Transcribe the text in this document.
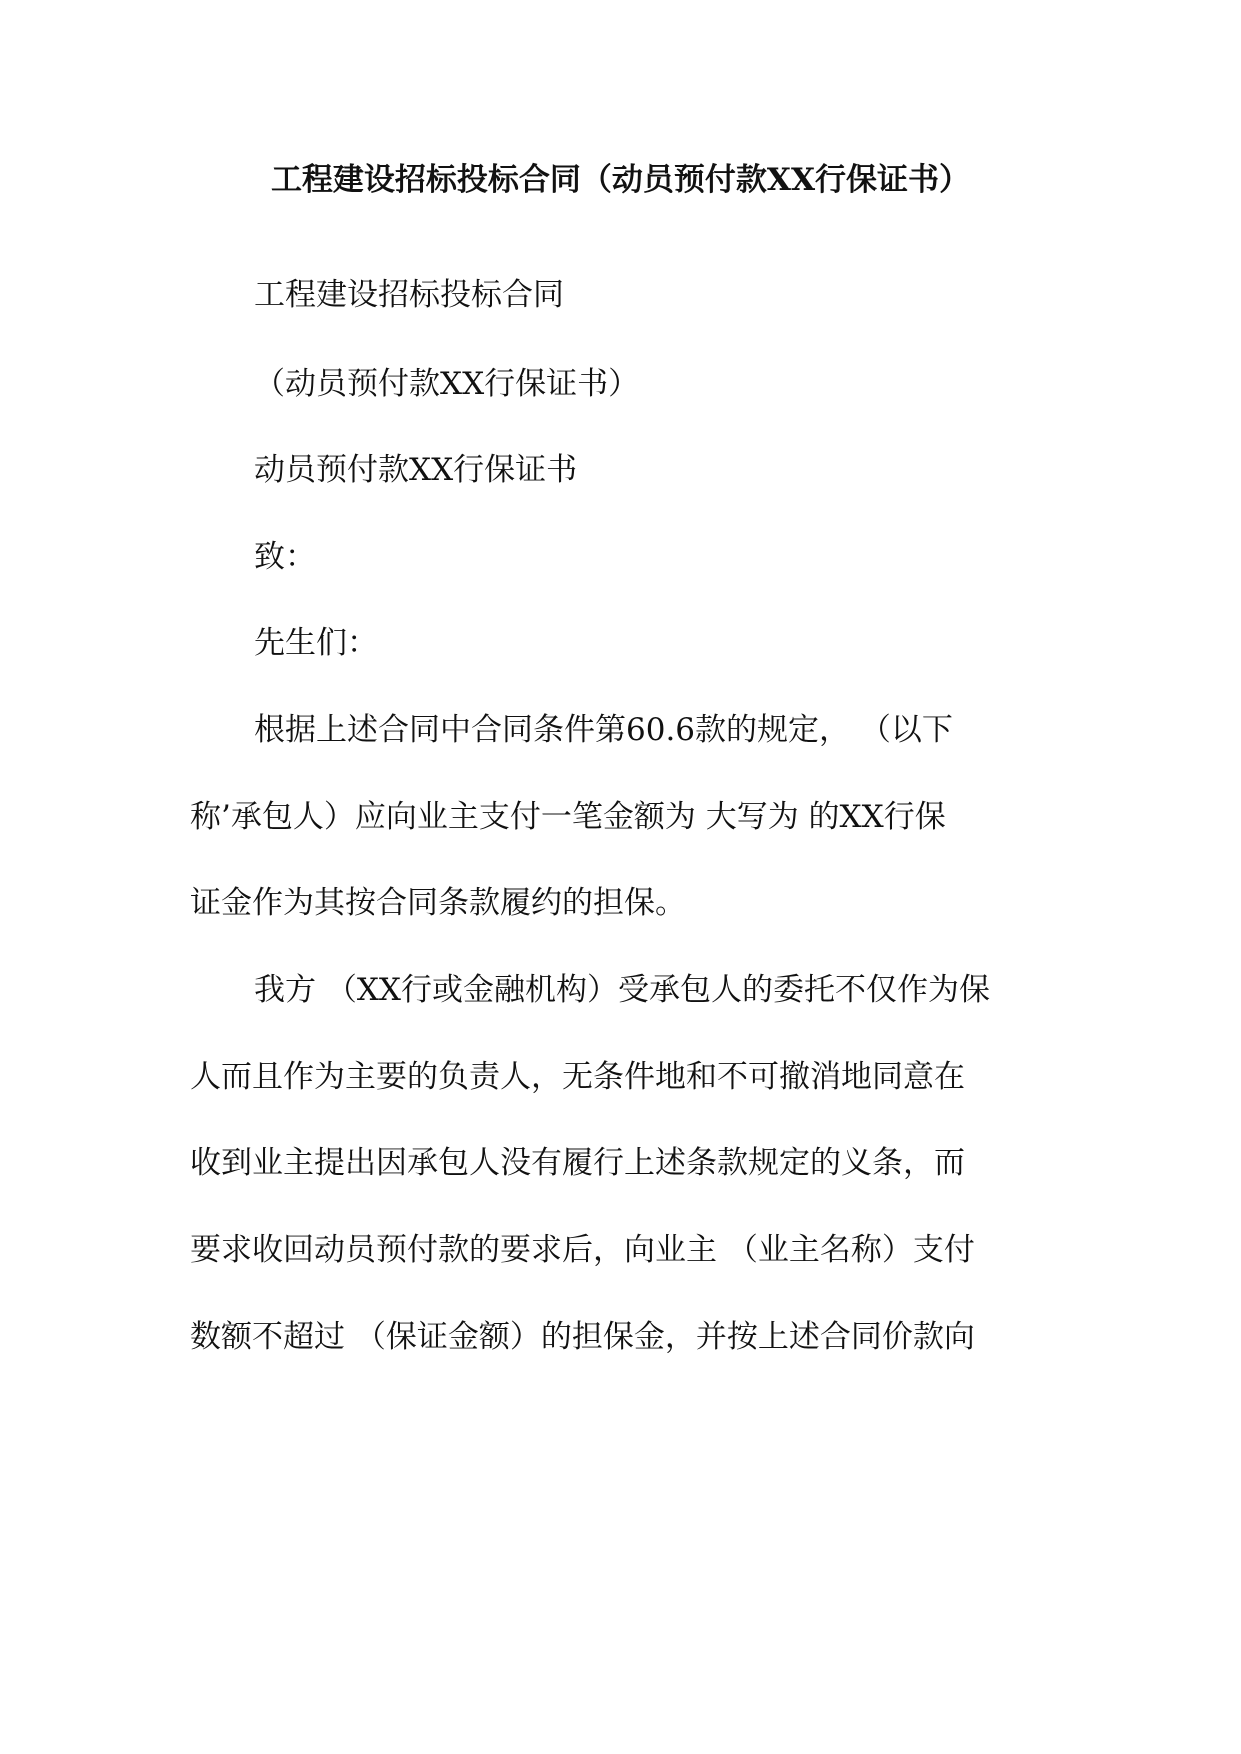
工程建设招标投标合同（动员预付款XX行保证书）

工程建设招标投标合同

（动员预付款XX行保证书）

动员预付款XX行保证书

致：

先生们：

根据上述合同中合同条件第60.6款的规定， （以下

称’承包人）应向业主支付一笔金额为 大写为 的XX行保

证金作为其按合同条款履约的担保。

我方 （XX行或金融机构）受承包人的委托不仅作为保

人而且作为主要的负责人，无条件地和不可撤消地同意在

收到业主提出因承包人没有履行上述条款规定的义条，而

要求收回动员预付款的要求后，向业主 （业主名称）支付

数额不超过 （保证金额）的担保金，并按上述合同价款向
